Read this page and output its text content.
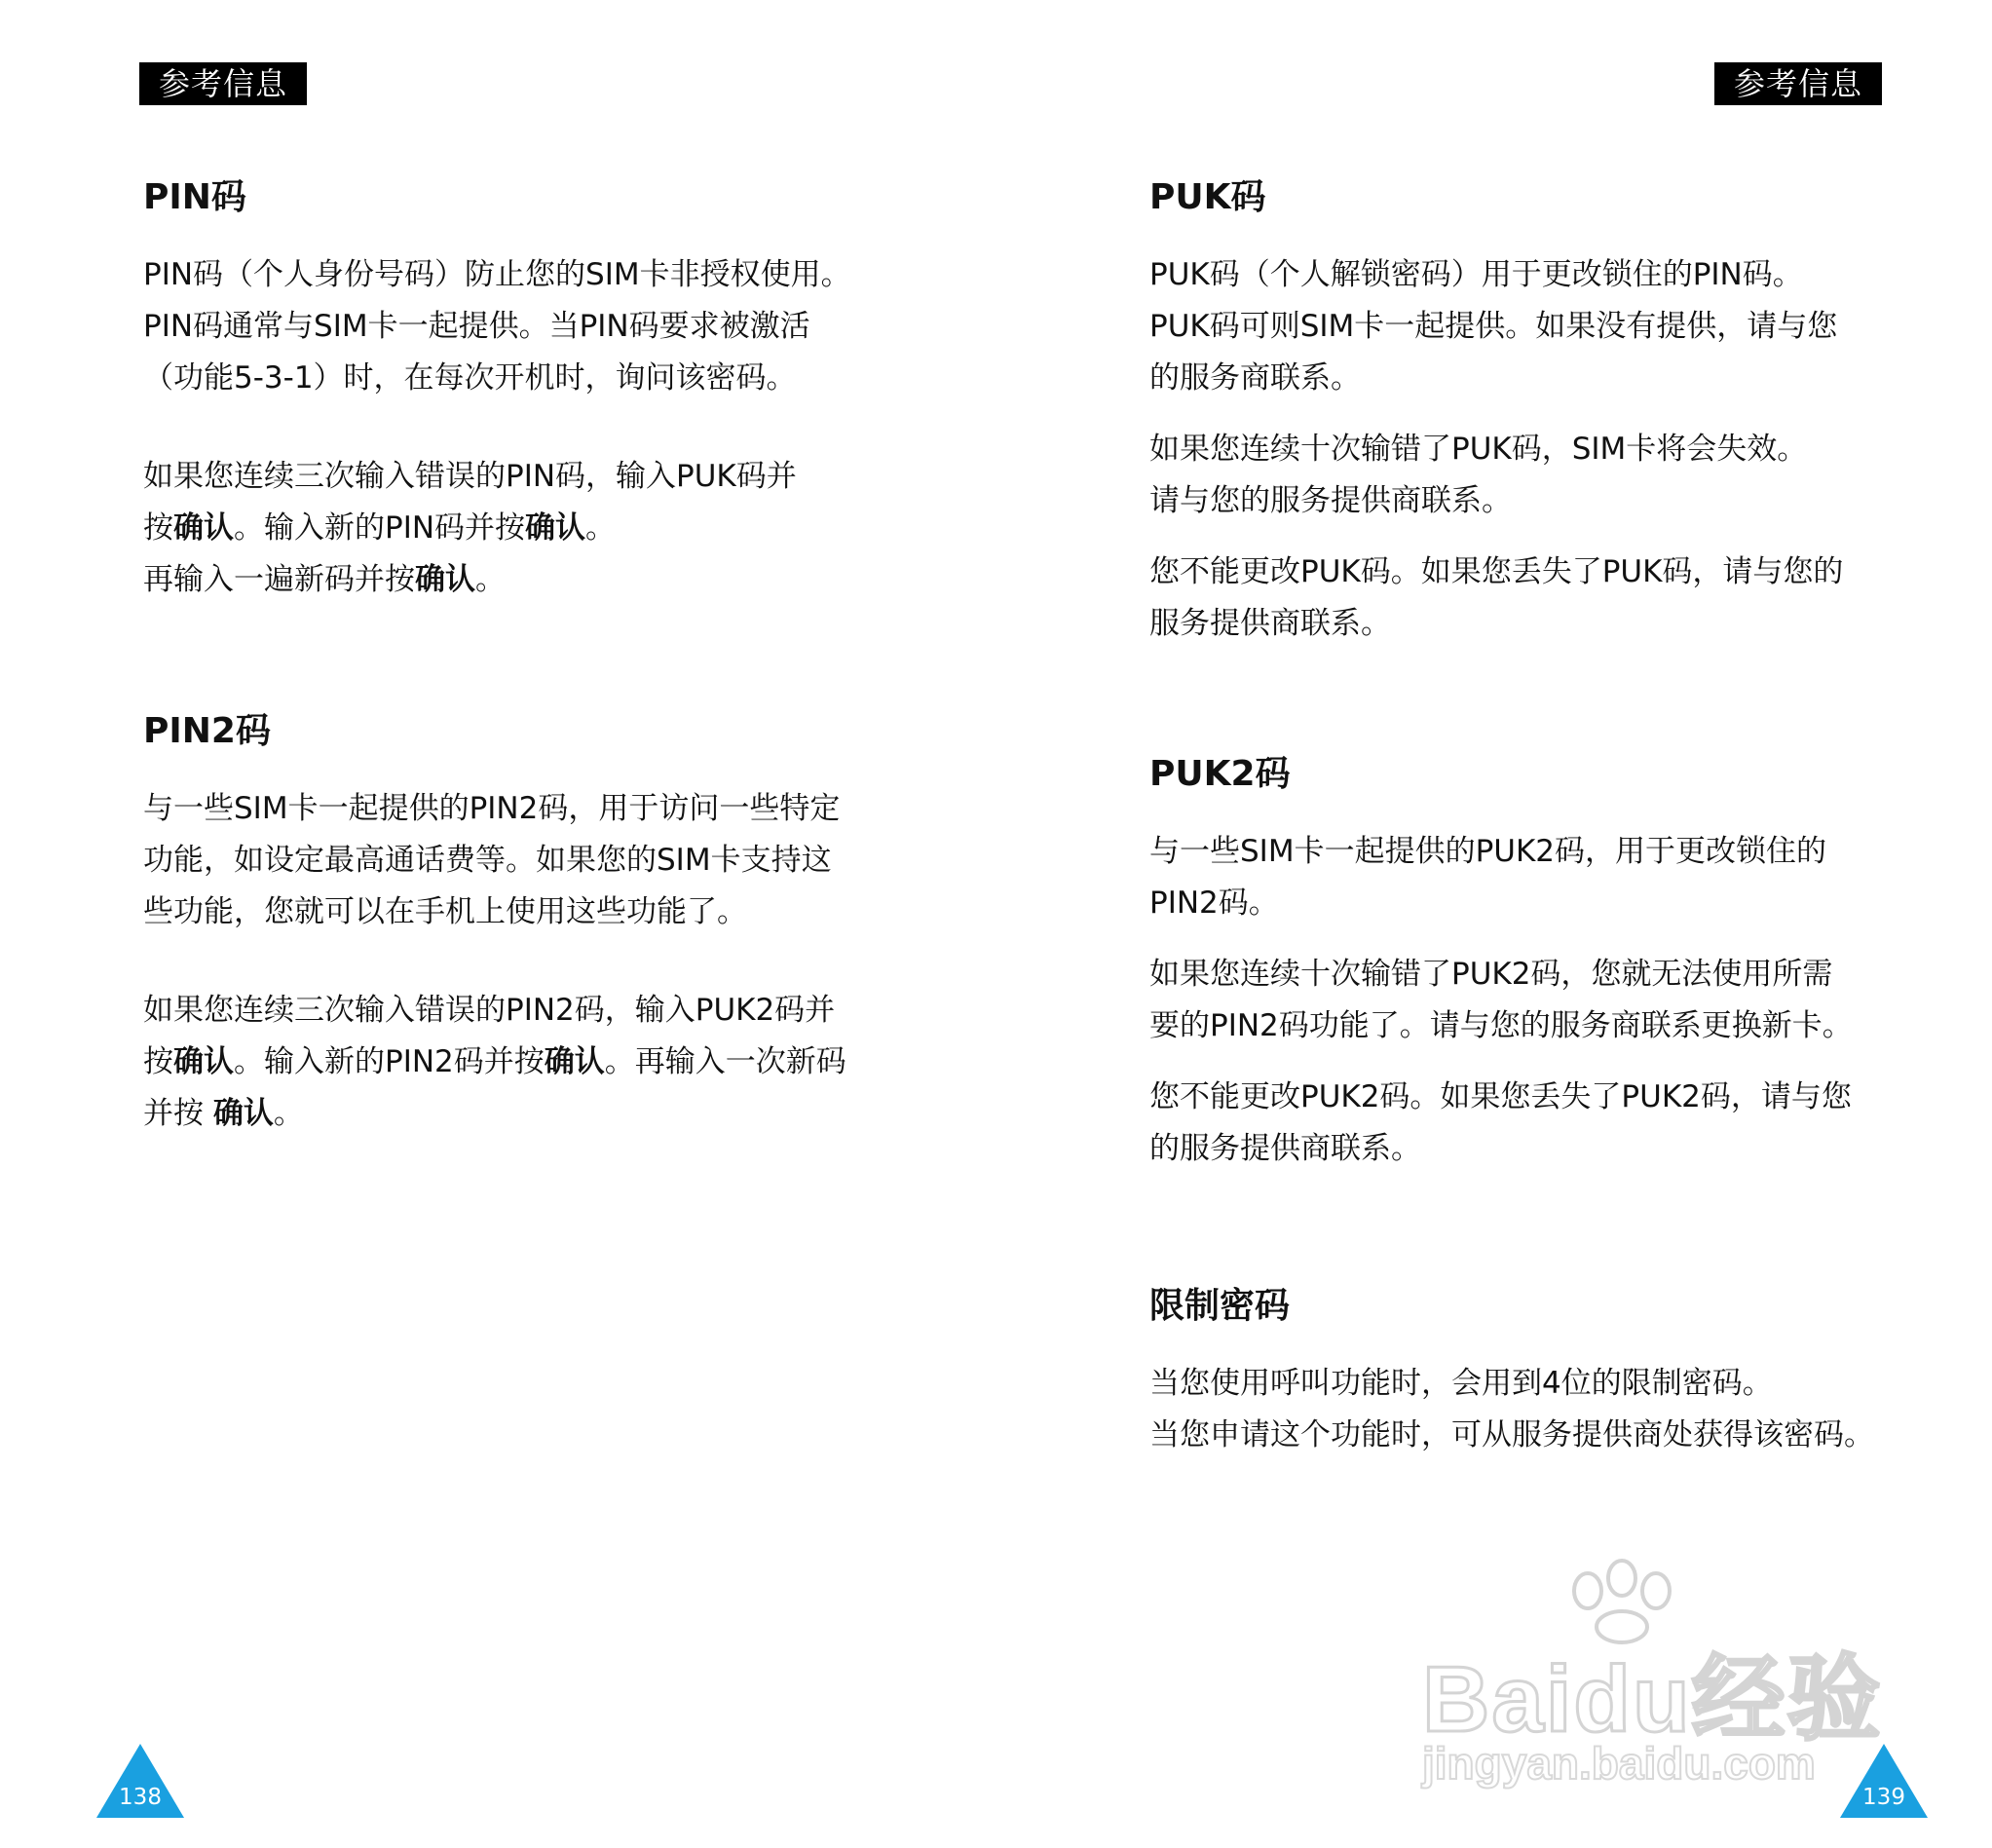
参考信息
PIN码

PIN码（个人身份号码）防止您的SIM卡非授权使用。

PIN码通常与SIM卡一起提供。当PIN码要求被激活

（功能5-3-1）时，在每次开机时，询问该密码。

如果您连续三次输入错误的PIN码，输入PUK码并

按确认。输入新的PIN码并按确认。

再输入一遍新码并按确认。

PIN2码

与一些SIM卡一起提供的PIN2码，用于访问一些特定

功能，如设定最高通话费等。如果您的SIM卡支持这

些功能，您就可以在手机上使用这些功能了。

如果您连续三次输入错误的PIN2码，输入PUK2码并

按确认。输入新的PIN2码并按确认。再输入一次新码

并按 确认。

138
参考信息
PUK码

PUK码（个人解锁密码）用于更改锁住的PIN码。

PUK码可则SIM卡一起提供。如果没有提供，请与您

的服务商联系。

如果您连续十次输错了PUK码，SIM卡将会失效。

请与您的服务提供商联系。

您不能更改PUK码。如果您丢失了PUK码，请与您的

服务提供商联系。

PUK2码

与一些SIM卡一起提供的PUK2码，用于更改锁住的

PIN2码。

如果您连续十次输错了PUK2码，您就无法使用所需

要的PIN2码功能了。请与您的服务商联系更换新卡。

您不能更改PUK2码。如果您丢失了PUK2码，请与您

的服务提供商联系。

限制密码

当您使用呼叫功能时，会用到4位的限制密码。

当您申请这个功能时，可从服务提供商处获得该密码。

139
Baidu经验
jingyan.baidu.com
